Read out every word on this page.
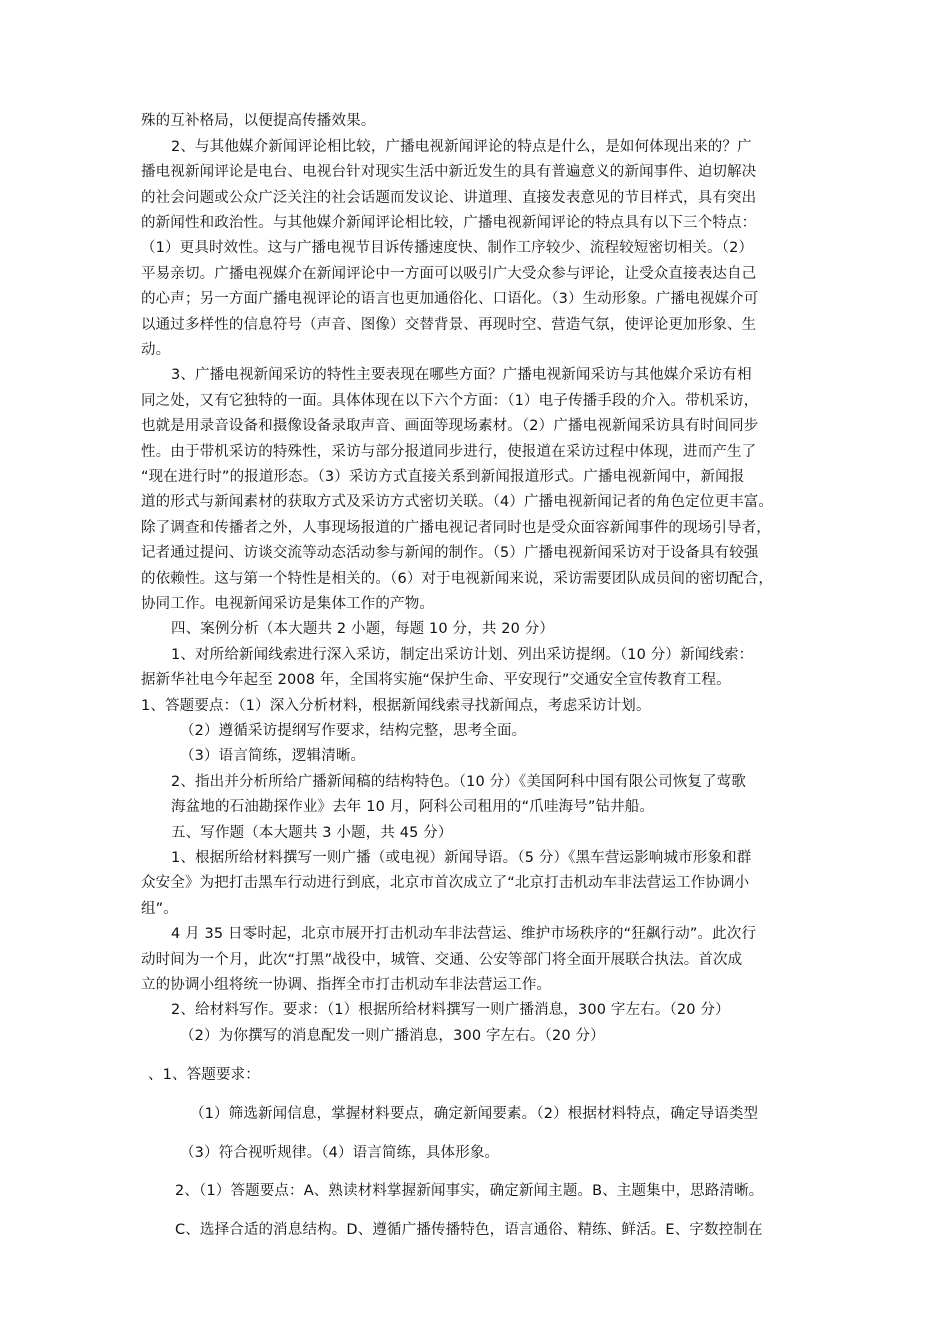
殊的互补格局，以便提高传播效果。
2、与其他媒介新闻评论相比较，广播电视新闻评论的特点是什么，是如何体现出来的？广
播电视新闻评论是电台、电视台针对现实生活中新近发生的具有普遍意义的新闻事件、迫切解决
的社会问题或公众广泛关注的社会话题而发议论、讲道理、直接发表意见的节目样式，具有突出
的新闻性和政治性。与其他媒介新闻评论相比较，广播电视新闻评论的特点具有以下三个特点：
（1）更具时效性。这与广播电视节目诉传播速度快、制作工序较少、流程较短密切相关。（2）
平易亲切。广播电视媒介在新闻评论中一方面可以吸引广大受众参与评论，让受众直接表达自己
的心声；另一方面广播电视评论的语言也更加通俗化、口语化。（3）生动形象。广播电视媒介可
以通过多样性的信息符号（声音、图像）交替背景、再现时空、营造气氛，使评论更加形象、生
动。
3、广播电视新闻采访的特性主要表现在哪些方面？广播电视新闻采访与其他媒介采访有相
同之处，又有它独特的一面。具体体现在以下六个方面：（1）电子传播手段的介入。带机采访，
也就是用录音设备和摄像设备录取声音、画面等现场素材。（2）广播电视新闻采访具有时间同步
性。由于带机采访的特殊性，采访与部分报道同步进行，使报道在采访过程中体现，进而产生了
“现在进行时”的报道形态。（3）采访方式直接关系到新闻报道形式。广播电视新闻中，新闻报
道的形式与新闻素材的获取方式及采访方式密切关联。（4）广播电视新闻记者的角色定位更丰富。
除了调查和传播者之外，人事现场报道的广播电视记者同时也是受众面容新闻事件的现场引导者，
记者通过提问、访谈交流等动态活动参与新闻的制作。（5）广播电视新闻采访对于设备具有较强
的依赖性。这与第一个特性是相关的。（6）对于电视新闻来说，采访需要团队成员间的密切配合，
协同工作。电视新闻采访是集体工作的产物。
四、案例分析（本大题共 2 小题，每题 10 分，共 20 分）
1、对所给新闻线索进行深入采访，制定出采访计划、列出采访提纲。（10 分）新闻线索：
据新华社电今年起至 2008 年，全国将实施“保护生命、平安现行”交通安全宣传教育工程。
1、答题要点：（1）深入分析材料，根据新闻线索寻找新闻点，考虑采访计划。
（2）遵循采访提纲写作要求，结构完整，思考全面。
（3）语言简练，逻辑清晰。
2、指出并分析所给广播新闻稿的结构特色。（10 分）《美国阿科中国有限公司恢复了莺歌
海盆地的石油勘探作业》去年 10 月，阿科公司租用的“爪哇海号”钻井船。
五、写作题（本大题共 3 小题，共 45 分）
1、根据所给材料撰写一则广播（或电视）新闻导语。（5 分）《黑车营运影响城市形象和群
众安全》为把打击黑车行动进行到底，北京市首次成立了“北京打击机动车非法营运工作协调小
组”。
4 月 35 日零时起，北京市展开打击机动车非法营运、维护市场秩序的“狂飙行动”。此次行
动时间为一个月，此次“打黑”战役中，城管、交通、公安等部门将全面开展联合执法。首次成
立的协调小组将统一协调、指挥全市打击机动车非法营运工作。
2、给材料写作。要求：（1）根据所给材料撰写一则广播消息，300 字左右。（20 分）
（2）为你撰写的消息配发一则广播消息，300 字左右。（20 分）
、1、答题要求：
（1）筛选新闻信息，掌握材料要点，确定新闻要素。（2）根据材料特点，确定导语类型
（3）符合视听规律。（4）语言简练，具体形象。
2、（1）答题要点：A、熟读材料掌握新闻事实，确定新闻主题。B、主题集中，思路清晰。
C、选择合适的消息结构。D、遵循广播传播特色，语言通俗、精练、鲜活。E、字数控制在
